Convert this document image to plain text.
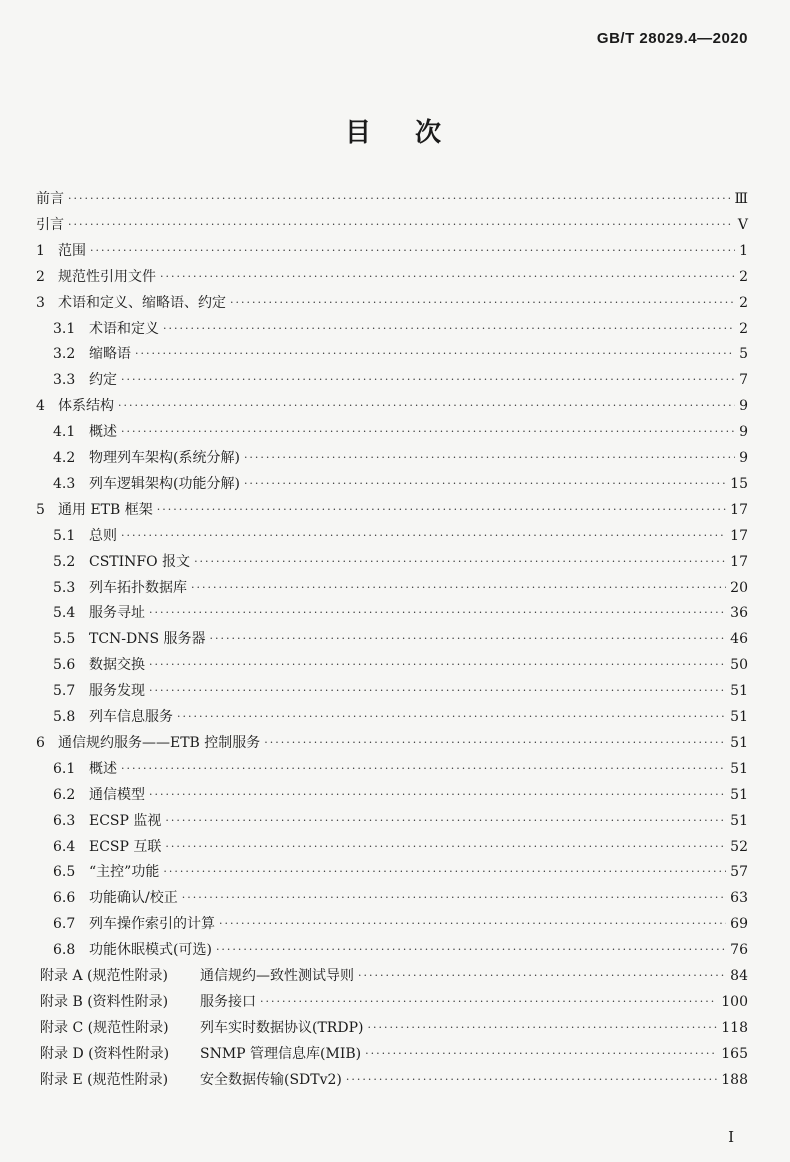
GB/T 28029.4—2020
目 次
前言 ·····	Ⅲ
引言 ·····	Ⅴ
1 范围 ·····	1
2 规范性引用文件 ·····	2
3 术语和定义、缩略语、约定 ·····	2
3.1 术语和定义 ·····	2
3.2 缩略语 ·····	5
3.3 约定 ·····	7
4 体系结构 ·····	9
4.1 概述 ·····	9
4.2 物理列车架构(系统分解) ·····	9
4.3 列车逻辑架构(功能分解) ·····	15
5 通用 ETB 框架 ·····	17
5.1 总则 ·····	17
5.2 CSTINFO 报文 ·····	17
5.3 列车拓扑数据库 ·····	20
5.4 服务寻址 ·····	36
5.5 TCN-DNS 服务器 ·····	46
5.6 数据交换 ·····	50
5.7 服务发现 ·····	51
5.8 列车信息服务 ·····	51
6 通信规约服务——ETB 控制服务 ·····	51
6.1 概述 ·····	51
6.2 通信模型 ·····	51
6.3 ECSP 监视 ·····	51
6.4 ECSP 互联 ·····	52
6.5 “主控”功能 ·····	57
6.6 功能确认/校正 ·····	63
6.7 列车操作索引的计算 ·····	69
6.8 功能休眠模式(可选) ·····	76
附录 A (规范性附录)	通信规约—致性测试导则 ·····	84
附录 B (资料性附录)	服务接口 ·····	100
附录 C (规范性附录)	列车实时数据协议(TRDP) ·····	118
附录 D (资料性附录)	SNMP 管理信息库(MIB) ·····	165
附录 E (规范性附录)	安全数据传输(SDTv2) ·····	188
I
